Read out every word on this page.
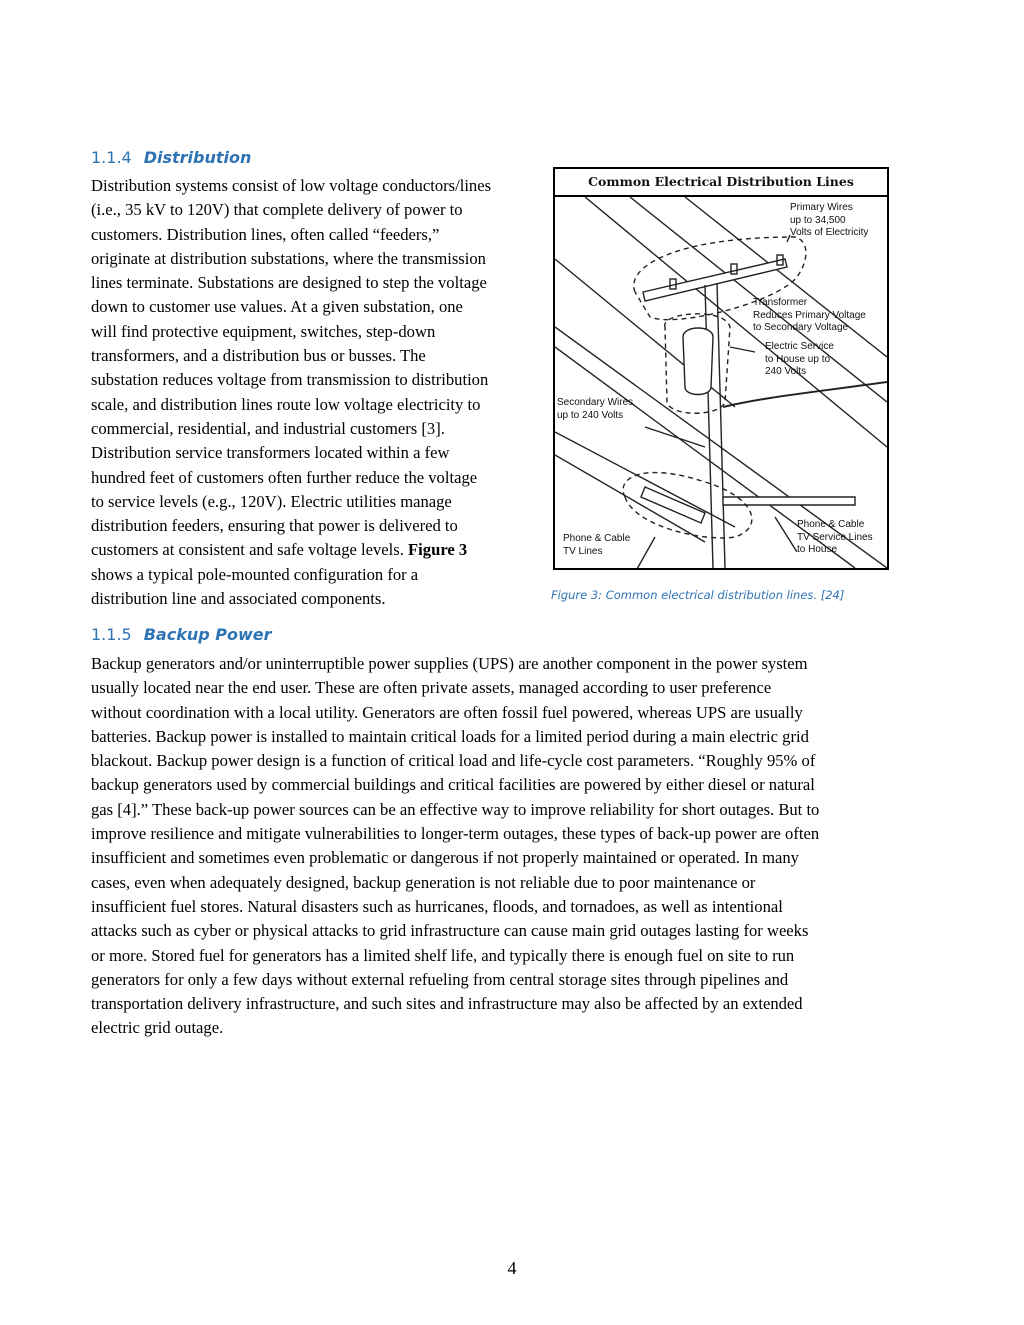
1.1.4 Distribution
Distribution systems consist of low voltage conductors/lines
(i.e., 35 kV to 120V) that complete delivery of power to
customers. Distribution lines, often called “feeders,”
originate at distribution substations, where the transmission
lines terminate. Substations are designed to step the voltage
down to customer use values. At a given substation, one
will find protective equipment, switches, step-down
transformers, and a distribution bus or busses. The
substation reduces voltage from transmission to distribution
scale, and distribution lines route low voltage electricity to
commercial, residential, and industrial customers [3].
Distribution service transformers located within a few
hundred feet of customers often further reduce the voltage
to service levels (e.g., 120V). Electric utilities manage
distribution feeders, ensuring that power is delivered to
customers at consistent and safe voltage levels. Figure 3
shows a typical pole-mounted configuration for a
distribution line and associated components.
Common Electrical Distribution Lines
Primary Wires
up to 34,500
Volts of Electricity
Transformer
Reduces Primary Voltage
to Secondary Voltage
Electric Service
to House up to
240 Volts
Secondary Wires
up to 240 Volts
Phone & Cable
TV Lines
Phone & Cable
TV Service Lines
to House
Figure 3: Common electrical distribution lines. [24]
1.1.5 Backup Power
Backup generators and/or uninterruptible power supplies (UPS) are another component in the power system
usually located near the end user. These are often private assets, managed according to user preference
without coordination with a local utility. Generators are often fossil fuel powered, whereas UPS are usually
batteries. Backup power is installed to maintain critical loads for a limited period during a main electric grid
blackout. Backup power design is a function of critical load and life-cycle cost parameters. “Roughly 95% of
backup generators used by commercial buildings and critical facilities are powered by either diesel or natural
gas [4].” These back-up power sources can be an effective way to improve reliability for short outages. But to
improve resilience and mitigate vulnerabilities to longer-term outages, these types of back-up power are often
insufficient and sometimes even problematic or dangerous if not properly maintained or operated. In many
cases, even when adequately designed, backup generation is not reliable due to poor maintenance or
insufficient fuel stores. Natural disasters such as hurricanes, floods, and tornadoes, as well as intentional
attacks such as cyber or physical attacks to grid infrastructure can cause main grid outages lasting for weeks
or more. Stored fuel for generators has a limited shelf life, and typically there is enough fuel on site to run
generators for only a few days without external refueling from central storage sites through pipelines and
transportation delivery infrastructure, and such sites and infrastructure may also be affected by an extended
electric grid outage.
4
